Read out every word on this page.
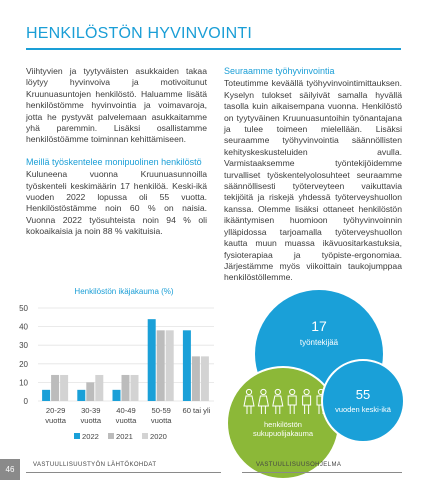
HENKILÖSTÖN HYVINVOINTI

Viihtyvien ja tyytyväisten asukkaiden takaa löytyy hyvinvoiva ja motivoitunut Kruunuasuntojen henkilöstö. Haluamme lisätä henkilöstömme hyvinvointia ja voimavaroja, jotta he pystyvät palvelemaan asukkaitamme yhä paremmin. Lisäksi osallistamme henkilöstöämme toiminnan kehittämiseen.

Meillä työskentelee monipuolinen henkilöstö

Kuluneena vuonna Kruunuasunnoilla työskenteli keskimäärin 17 henkilöä. Keski-ikä vuoden 2022 lopussa oli 55 vuotta. Henkilöstöstämme noin 60 % on naisia. Vuonna 2022 työsuhteista noin 94 % oli kokoaikaisia ja noin 88 % vakituisia.

Seuraamme työhyvinvointia

Toteutimme keväällä työhyvinvointimittauksen. Kyselyn tulokset säilyivät samalla hyvällä tasolla kuin aikaisempana vuonna. Henkilöstö on tyytyväinen Kruunuasuntoihin työnantajana ja tulee toimeen mielellään. Lisäksi seuraamme työhyvinvointia säännöllisten kehityskeskusteluiden avulla. Varmistaaksemme työntekijöidemme turvalliset työskentelyolosuhteet seuraamme säännöllisesti työterveyteen vaikuttavia tekijöitä ja riskejä yhdessä työterveyshuollon kanssa. Olemme lisäksi ottaneet henkilöstön ikääntymisen huomioon työhyvinvoinnin ylläpidossa tarjoamalla työterveyshuollon kautta muun muassa ikävuositarkastuksia, fysioterapiaa ja työpiste-ergonomiaa. Järjestämme myös viikoittain taukojumppaa henkilöstöllemme.

Henkilöstön ikäjakauma (%)
0
10
20
30
40
50
20-29
vuotta
30-39
vuotta
40-49
vuotta
50-59
vuotta
60 tai yli
2022 2021 2020
17
työntekijää
henkilöstön sukupuolijakauma
55
vuoden keski-ikä
46	VASTUULLISUUSTYÖN LÄHTÖKOHDAT	VASTUULLISUUSOHJELMA
